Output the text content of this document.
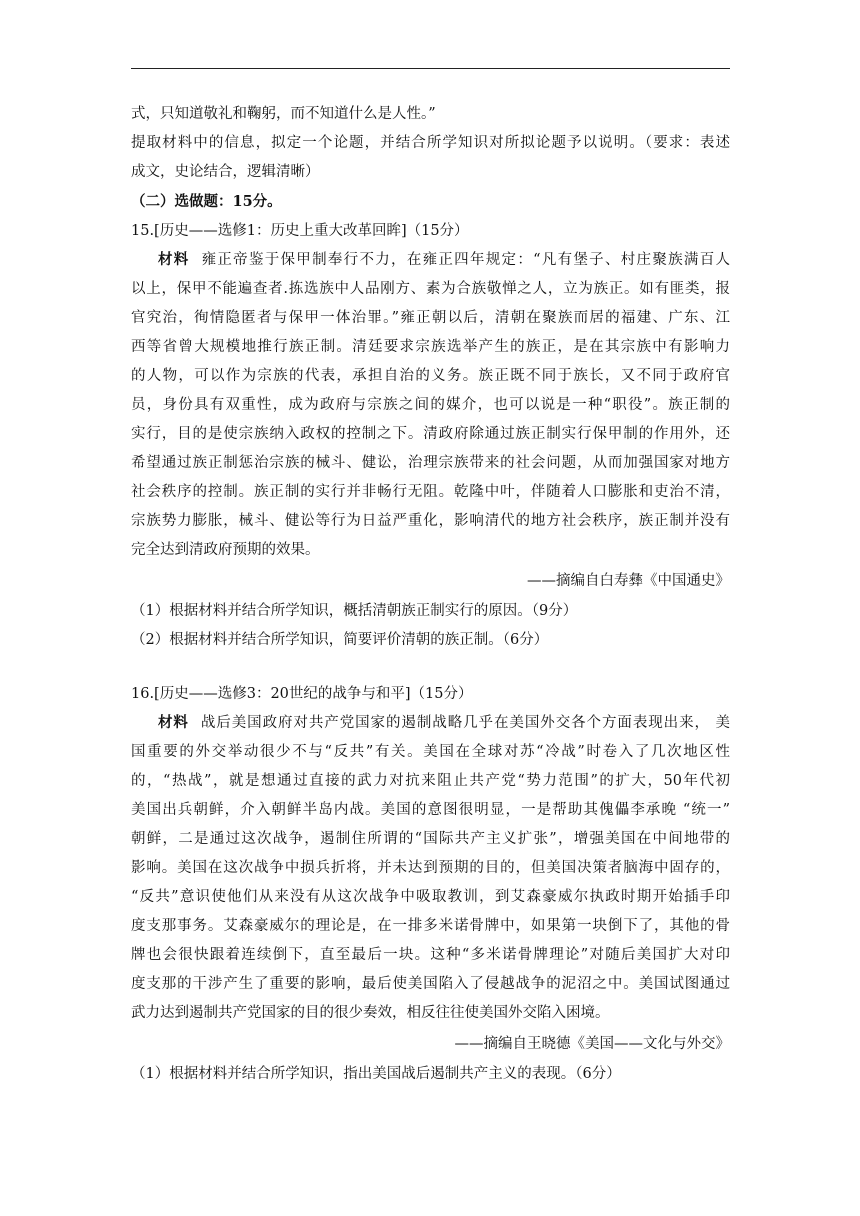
式，只知道敬礼和鞠躬，而不知道什么是人性。”
提取材料中的信息，拟定一个论题，并结合所学知识对所拟论题予以说明。（要求：表述
成文，史论结合，逻辑清晰）
（二）选做题：15分。
15.[历史——选修1：历史上重大改革回眸]（15分）
材料 雍正帝鉴于保甲制奉行不力，在雍正四年规定：“凡有堡子、村庄聚族满百人
以上，保甲不能遍查者.拣选族中人品刚方、素为合族敬惮之人，立为族正。如有匪类，报
官究治，徇情隐匿者与保甲一体治罪。”雍正朝以后，清朝在聚族而居的福建、广东、江
西等省曾大规模地推行族正制。清廷要求宗族选举产生的族正，是在其宗族中有影响力
的人物，可以作为宗族的代表，承担自治的义务。族正既不同于族长，又不同于政府官
员，身份具有双重性，成为政府与宗族之间的媒介，也可以说是一种“职役”。族正制的
实行，目的是使宗族纳入政权的控制之下。清政府除通过族正制实行保甲制的作用外，还
希望通过族正制惩治宗族的械斗、健讼，治理宗族带来的社会问题，从而加强国家对地方
社会秩序的控制。族正制的实行并非畅行无阻。乾隆中叶，伴随着人口膨胀和吏治不清，
宗族势力膨胀，械斗、健讼等行为日益严重化，影响清代的地方社会秩序，族正制并没有
完全达到清政府预期的效果。
——摘编自白寿彝《中国通史》
（1）根据材料并结合所学知识，概括清朝族正制实行的原因。（9分）
（2）根据材料并结合所学知识，简要评价清朝的族正制。（6分）
16.[历史——选修3：20世纪的战争与和平]（15分）
材料 战后美国政府对共产党国家的遏制战略几乎在美国外交各个方面表现出来， 美
国重要的外交举动很少不与“反共”有关。美国在全球对苏“冷战”时卷入了几次地区性
的，“热战”，就是想通过直接的武力对抗来阻止共产党“势力范围”的扩大，50年代初
美国出兵朝鲜，介入朝鲜半岛内战。美国的意图很明显，一是帮助其傀儡李承晚 “统一”
朝鲜，二是通过这次战争，遏制住所谓的“国际共产主义扩张”，增强美国在中间地带的
影响。美国在这次战争中损兵折将，并未达到预期的目的，但美国决策者脑海中固存的，
“反共”意识使他们从来没有从这次战争中吸取教训，到艾森豪威尔执政时期开始插手印
度支那事务。艾森豪威尔的理论是，在一排多米诺骨牌中，如果第一块倒下了，其他的骨
牌也会很快跟着连续倒下，直至最后一块。这种“多米诺骨牌理论”对随后美国扩大对印
度支那的干涉产生了重要的影响，最后使美国陷入了侵越战争的泥沼之中。美国试图通过
武力达到遏制共产党国家的目的很少奏效，相反往往使美国外交陷入困境。
——摘编自王晓德《美国——文化与外交》
（1）根据材料并结合所学知识，指出美国战后遏制共产主义的表现。（6分）
